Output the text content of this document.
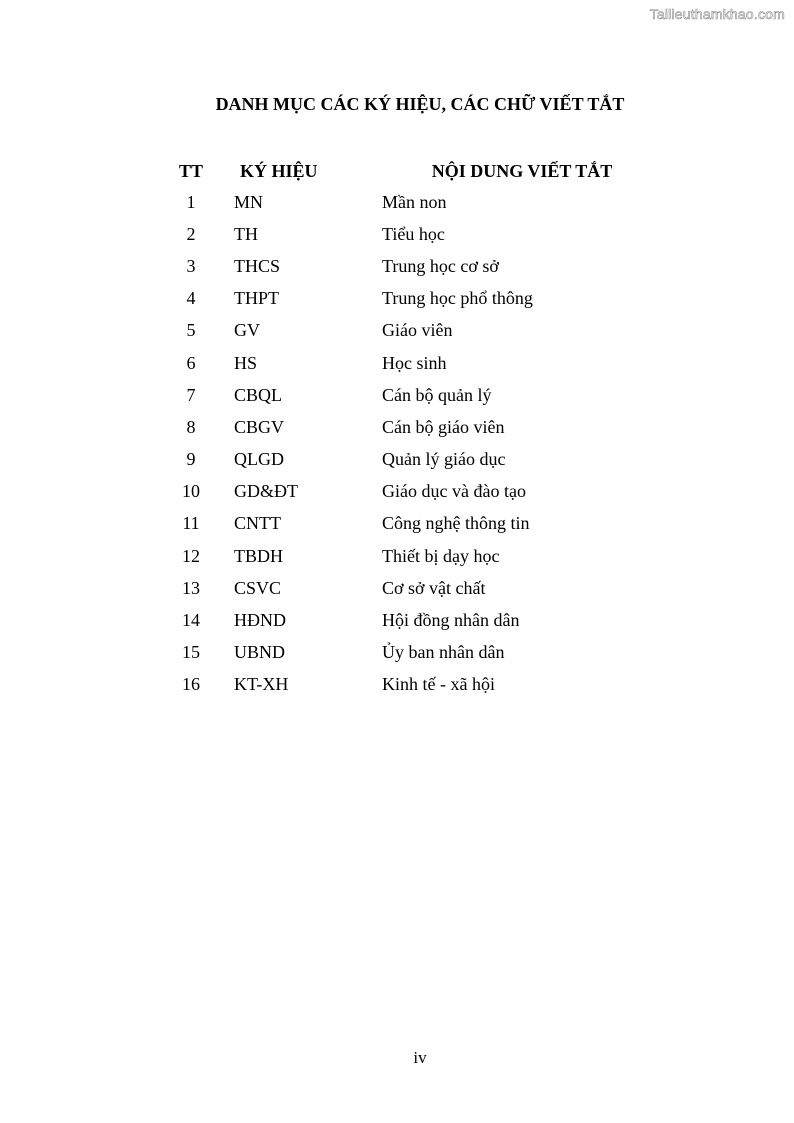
Tailieuthamkhao.com
DANH MỤC CÁC KÝ HIỆU, CÁC CHỮ VIẾT TẮT
TT	KÝ HIỆU	NỘI DUNG VIẾT TẮT
1	MN	Mần non
2	TH	Tiểu học
3	THCS	Trung học cơ sở
4	THPT	Trung học phổ thông
5	GV	Giáo viên
6	HS	Học sinh
7	CBQL	Cán bộ quản lý
8	CBGV	Cán bộ giáo viên
9	QLGD	Quản lý giáo dục
10	GD&ĐT	Giáo dục và đào tạo
11	CNTT	Công nghệ thông tin
12	TBDH	Thiết bị dạy học
13	CSVC	Cơ sở vật chất
14	HĐND	Hội đồng nhân dân
15	UBND	Ủy ban nhân dân
16	KT-XH	Kinh tế - xã hội
iv
